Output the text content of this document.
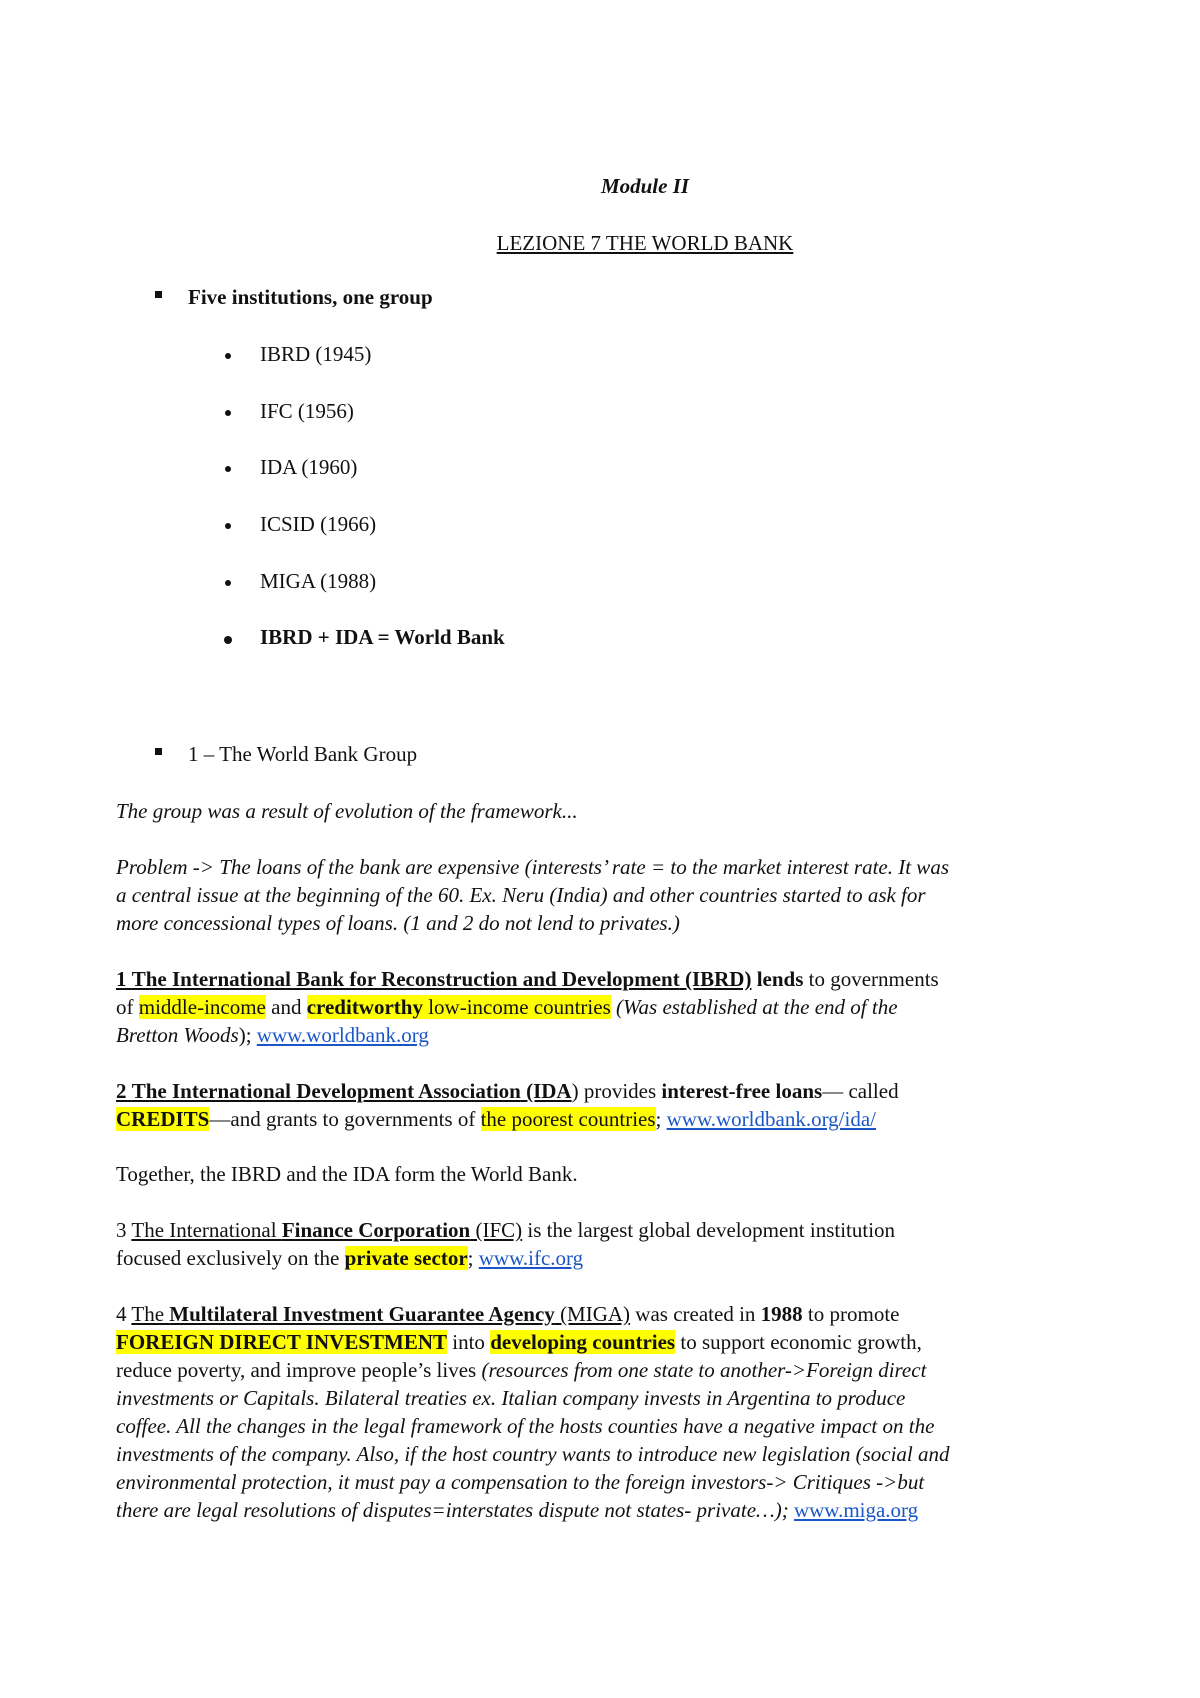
Module II
LEZIONE 7 THE WORLD BANK
Five institutions, one group
IBRD (1945)
IFC (1956)
IDA (1960)
ICSID (1966)
MIGA (1988)
IBRD + IDA = World Bank
1 – The World Bank Group
The group was a result of evolution of the framework...
Problem -> The loans of the bank are expensive (interests’ rate = to the market interest rate. It was
a central issue at the beginning of the 60. Ex. Neru (India) and other countries started to ask for
more concessional types of loans. (1 and 2 do not lend to privates.)
1 The International Bank for Reconstruction and Development (IBRD) lends to governments
of middle-income and creditworthy low-income countries (Was established at the end of the
Bretton Woods); www.worldbank.org
2 The International Development Association (IDA) provides interest-free loans— called
CREDITS—and grants to governments of the poorest countries; www.worldbank.org/ida/
Together, the IBRD and the IDA form the World Bank.
3 The International Finance Corporation (IFC) is the largest global development institution
focused exclusively on the private sector; www.ifc.org
4 The Multilateral Investment Guarantee Agency (MIGA) was created in 1988 to promote
FOREIGN DIRECT INVESTMENT into developing countries to support economic growth,
reduce poverty, and improve people’s lives (resources from one state to another->Foreign direct
investments or Capitals. Bilateral treaties ex. Italian company invests in Argentina to produce
coffee. All the changes in the legal framework of the hosts counties have a negative impact on the
investments of the company. Also, if the host country wants to introduce new legislation (social and
environmental protection, it must pay a compensation to the foreign investors-> Critiques ->but
there are legal resolutions of disputes=interstates dispute not states- private…); www.miga.org
